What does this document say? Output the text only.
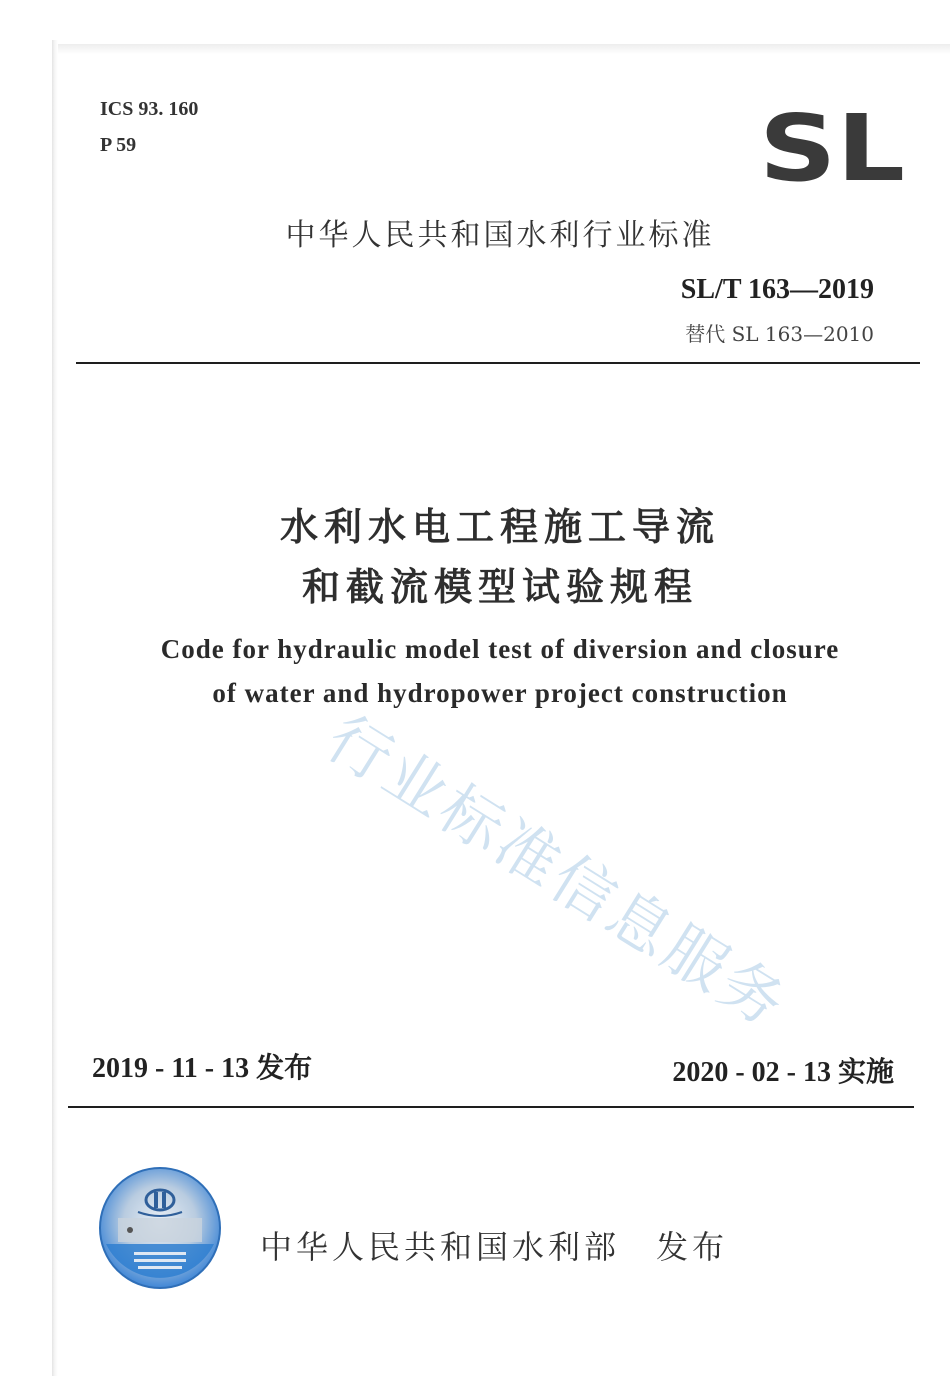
ICS 93. 160
P 59	SL
中华人民共和国水利行业标准
SL/T 163—2019
替代 SL 163—2010
水利水电工程施工导流
和截流模型试验规程
Code for hydraulic model test of diversion and closure
of water and hydropower project construction
行业标准信息服务
2019 - 11 - 13 发布	2020 - 02 - 13 实施
中华人民共和国水利部　发布
